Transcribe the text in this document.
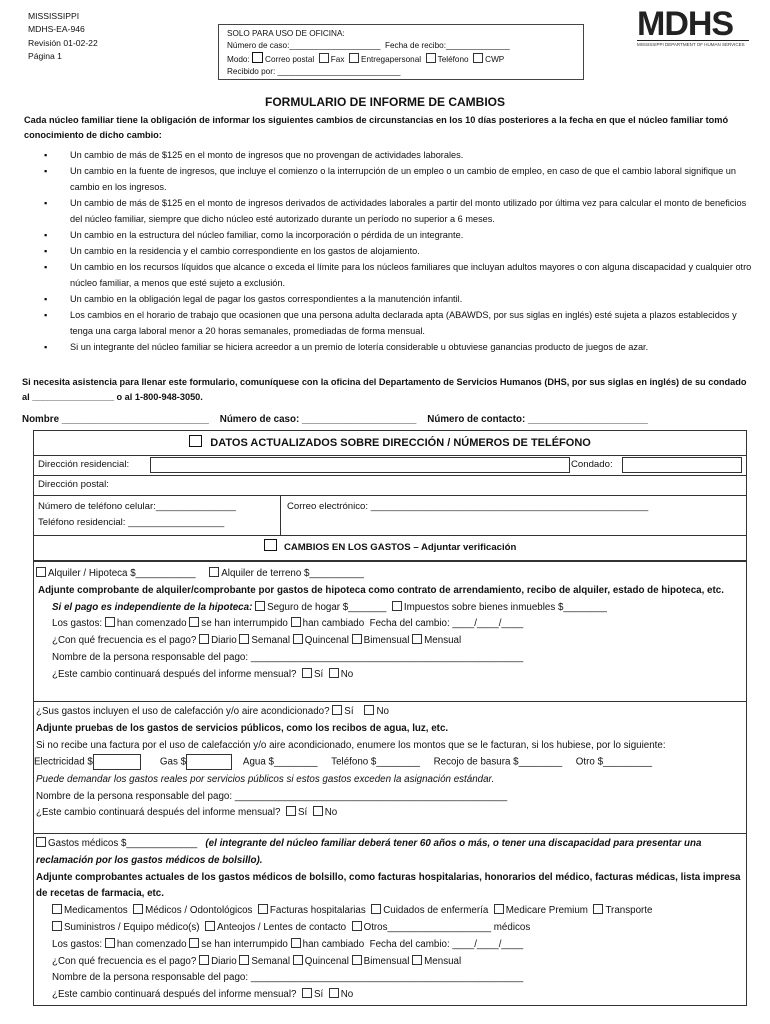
MISSISSIPPI
MDHS-EA-946
Revisión 01-02-22
Página 1
SOLO PARA USO DE OFICINA:
Número de caso:____________________ Fecha de recibo:______________
Modo: Correo postal Fax Entregapersonal Teléfono CWP
Recibido por: ___________________________
MDHS
MISSISSIPPI DEPARTMENT OF HUMAN SERVICES
FORMULARIO DE INFORME DE CAMBIOS
Cada núcleo familiar tiene la obligación de informar los siguientes cambios de circunstancias en los 10 días posteriores a la fecha en que el núcleo familiar tomó conocimiento de dicho cambio:
▪ Un cambio de más de $125 en el monto de ingresos que no provengan de actividades laborales.
▪ Un cambio en la fuente de ingresos, que incluye el comienzo o la interrupción de un empleo o un cambio de empleo, en caso de que el cambio laboral signifique un cambio en los ingresos.
▪ Un cambio de más de $125 en el monto de ingresos derivados de actividades laborales a partir del monto utilizado por última vez para calcular el monto de beneficios del núcleo familiar, siempre que dicho núcleo esté autorizado durante un período no superior a 6 meses.
▪ Un cambio en la estructura del núcleo familiar, como la incorporación o pérdida de un integrante.
▪ Un cambio en la residencia y el cambio correspondiente en los gastos de alojamiento.
▪ Un cambio en los recursos líquidos que alcance o exceda el límite para los núcleos familiares que incluyan adultos mayores o con alguna discapacidad y cualquier otro núcleo familiar, a menos que esté sujeto a exclusión.
▪ Un cambio en la obligación legal de pagar los gastos correspondientes a la manutención infantil.
▪ Los cambios en el horario de trabajo que ocasionen que una persona adulta declarada apta (ABAWDS, por sus siglas en inglés) esté sujeta a plazos establecidos y tenga una carga laboral menor a 20 horas semanales, promediadas de forma mensual.
▪ Si un integrante del núcleo familiar se hiciera acreedor a un premio de lotería considerable u obtuviese ganancias producto de juegos de azar.
Si necesita asistencia para llenar este formulario, comuníquese con la oficina del Departamento de Servicios Humanos (DHS, por sus siglas en inglés) de su condado al ________________ o al 1-800-948-3050.
Nombre ___________________________ Número de caso: _____________________ Número de contacto: ______________________
DATOS ACTUALIZADOS SOBRE DIRECCIÓN / NÚMEROS DE TELÉFONO
Dirección residencial:	Condado:
Dirección postal:
Número de teléfono celular:_______________
Teléfono residencial: __________________
Correo electrónico: ____________________________________________________
CAMBIOS EN LOS GASTOS – Adjuntar verificación
Alquiler / Hipoteca $___________	Alquiler de terreno $__________
Adjunte comprobante de alquiler/comprobante por gastos de hipoteca como contrato de arrendamiento, recibo de alquiler, estado de hipoteca, etc.
Si el pago es independiente de la hipoteca: Seguro de hogar $_______ Impuestos sobre bienes inmuebles $________
Los gastos: han comenzado se han interrumpido han cambiado Fecha del cambio: ____/____/____
¿Con qué frecuencia es el pago? Diario Semanal Quincenal Bimensual Mensual
Nombre de la persona responsable del pago: __________________________________________________
¿Este cambio continuará después del informe mensual? Sí No
¿Sus gastos incluyen el uso de calefacción y/o aire acondicionado? Sí No
Adjunte pruebas de los gastos de servicios públicos, como los recibos de agua, luz, etc.
Si no recibe una factura por el uso de calefacción y/o aire acondicionado, enumere los montos que se le facturan, si los hubiese, por lo siguiente:
Electricidad $	Gas $	Agua $________ Teléfono $________ Recojo de basura $________ Otro $_________
Puede demandar los gastos reales por servicios públicos si estos gastos exceden la asignación estándar.
Nombre de la persona responsable del pago: __________________________________________________
¿Este cambio continuará después del informe mensual? Sí No
Gastos médicos $_____________ (el integrante del núcleo familiar deberá tener 60 años o más, o tener una discapacidad para presentar una reclamación por los gastos médicos de bolsillo).
Adjunte comprobantes actuales de los gastos médicos de bolsillo, como facturas hospitalarias, honorarios del médico, facturas médicas, lista impresa de recetas de farmacia, etc.
Medicamentos Médicos / Odontológicos Facturas hospitalarias Cuidados de enfermería Medicare Premium Transporte
Suministros / Equipo médico(s) Anteojos / Lentes de contacto Otros___________________ médicos
Los gastos: han comenzado se han interrumpido han cambiado Fecha del cambio: ____/____/____
¿Con qué frecuencia es el pago? Diario Semanal Quincenal Bimensual Mensual
Nombre de la persona responsable del pago: __________________________________________________
¿Este cambio continuará después del informe mensual? Sí No
